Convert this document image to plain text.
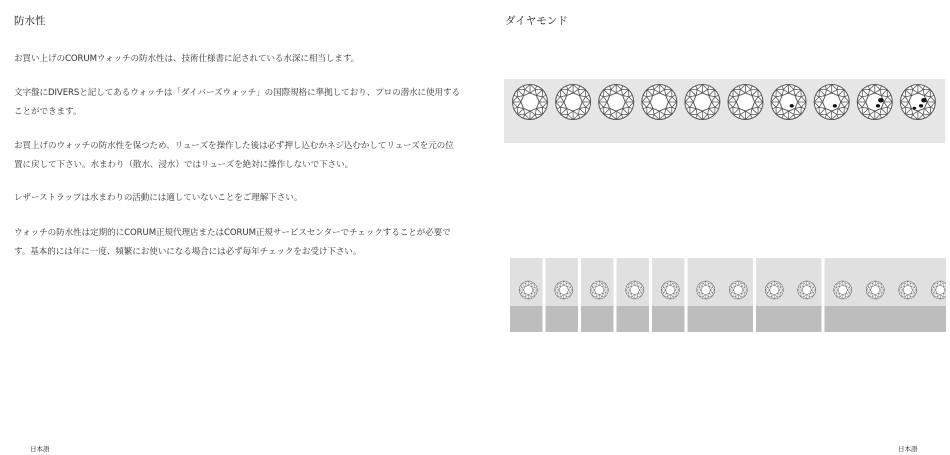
防水性
お買い上げのCORUMウォッチの防水性は、技術仕様書に記されている水深に相当します。
文字盤にDIVERSと記してあるウォッチは「ダイバーズウォッチ」の国際規格に準拠しており、プロの潜水に使用することができます。
お買上げのウォッチの防水性を保つため、リューズを操作した後は必ず押し込むかネジ込むかしてリューズを元の位置に戻して下さい。水まわり（散水、浸水）ではリューズを絶対に操作しないで下さい。
レザーストラップは水まわりの活動には適していないことをご理解下さい。
ウォッチの防水性は定期的にCORUM正規代理店またはCORUM正規サービスセンターでチェックすることが必要です。基本的には年に一度、頻繁にお使いになる場合には必ず毎年チェックをお受け下さい。
日本語
ダイヤモンド
日本語
